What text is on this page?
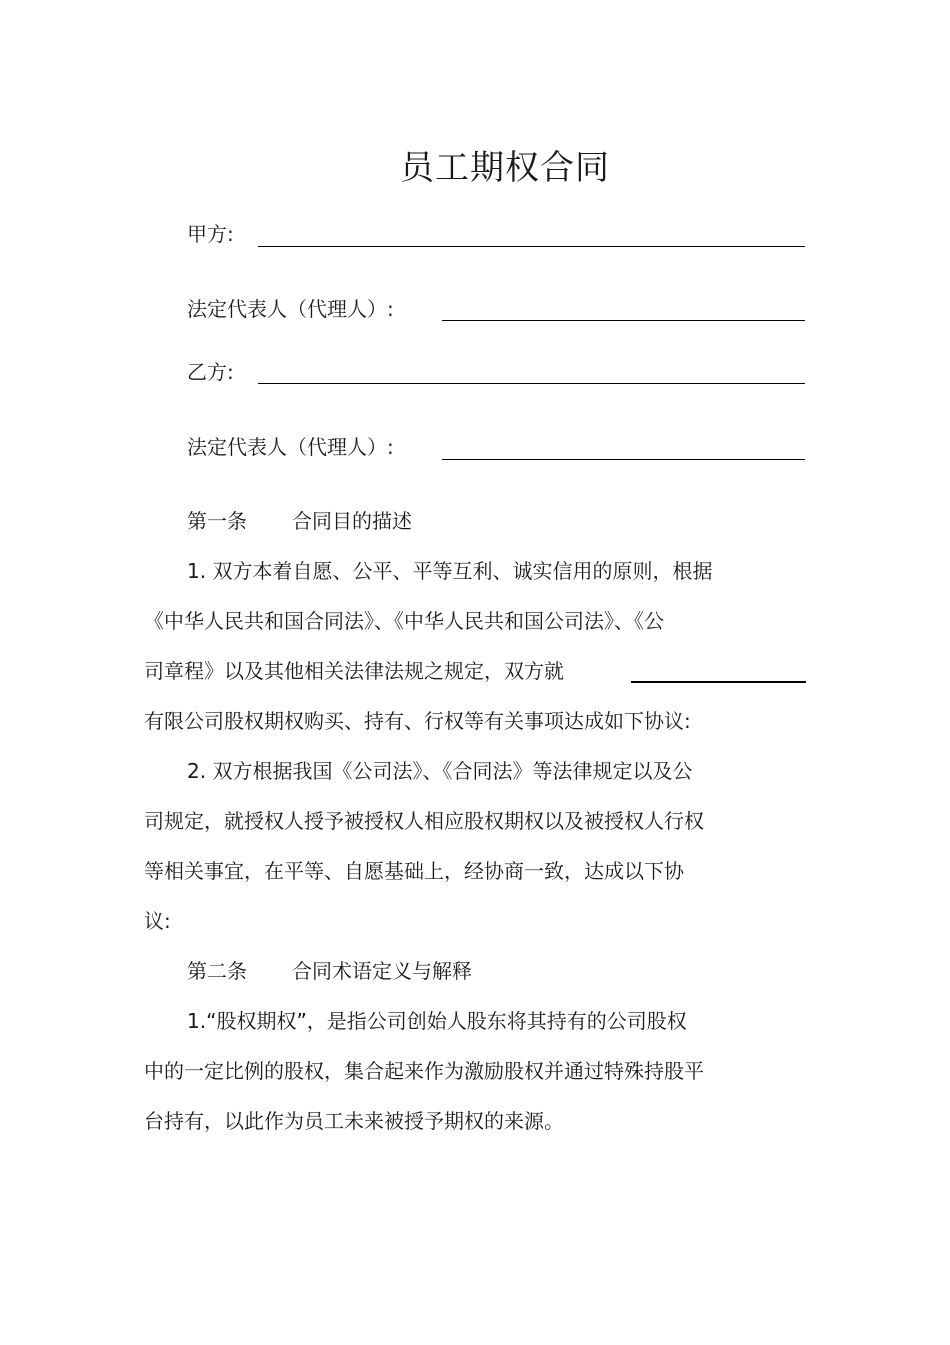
员工期权合同
甲方:
法定代表人（代理人）:
乙方:
法定代表人（代理人）:
第一条 合同目的描述
1. 双方本着自愿、公平、平等互利、诚实信用的原则，根据
《中华人民共和国合同法》、《中华人民共和国公司法》、《公
司章程》以及其他相关法律法规之规定，双方就
有限公司股权期权购买、持有、行权等有关事项达成如下协议:
2. 双方根据我国《公司法》、《合同法》等法律规定以及公
司规定，就授权人授予被授权人相应股权期权以及被授权人行权
等相关事宜，在平等、自愿基础上，经协商一致，达成以下协
议:
第二条 合同术语定义与解释
1.“股权期权”，是指公司创始人股东将其持有的公司股权
中的一定比例的股权，集合起来作为激励股权并通过特殊持股平
台持有，以此作为员工未来被授予期权的来源。
